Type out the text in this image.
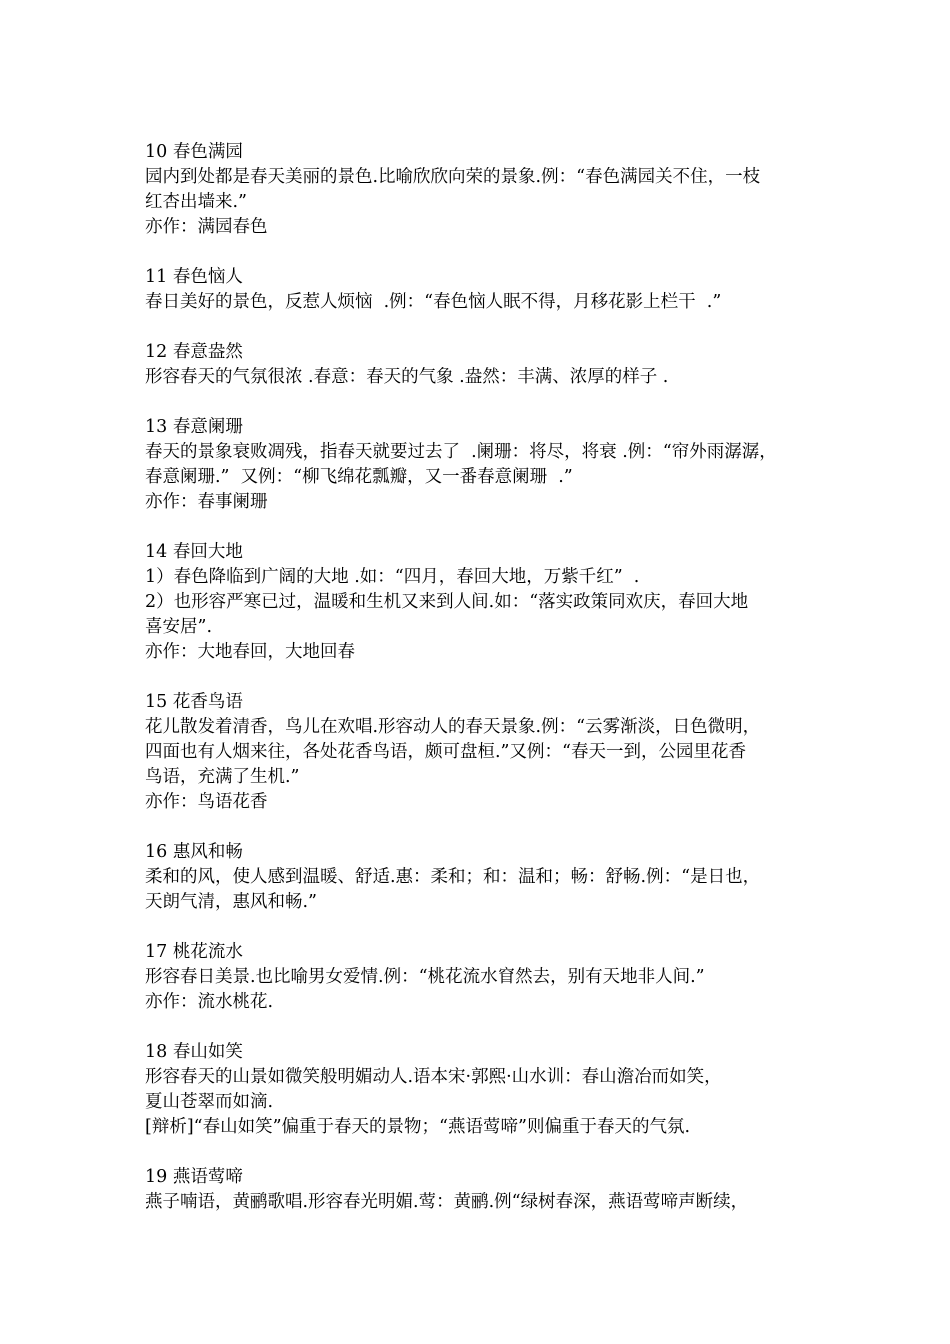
10 春色满园
园内到处都是春天美丽的景色.比喻欣欣向荣的景象.例：“春色满园关不住，一枝
红杏出墙来.”
亦作：满园春色
11 春色恼人
春日美好的景色，反惹人烦恼  .例：“春色恼人眠不得，月移花影上栏干  .”
12 春意盎然
形容春天的气氛很浓 .春意：春天的气象 .盎然：丰满、浓厚的样子 .
13 春意阑珊
春天的景象衰败凋残，指春天就要过去了  .阑珊：将尽，将衰 .例：“帘外雨潺潺，
春意阑珊.”  又例：“柳飞绵花瓢瓣，又一番春意阑珊  .”
亦作：春事阑珊
14 春回大地
1）春色降临到广阔的大地 .如：“四月，春回大地，万紫千红”  .
2）也形容严寒已过，温暖和生机又来到人间.如：“落实政策同欢庆，春回大地
喜安居”.
亦作：大地春回，大地回春
15 花香鸟语
花儿散发着清香，鸟儿在欢唱.形容动人的春天景象.例：“云雾渐淡，日色微明，
四面也有人烟来往，各处花香鸟语，颇可盘桓.”又例：“春天一到，公园里花香
鸟语，充满了生机.”
亦作：鸟语花香
16 惠风和畅
柔和的风，使人感到温暖、舒适.惠：柔和；和：温和；畅：舒畅.例：“是日也，
天朗气清，惠风和畅.”
17 桃花流水
形容春日美景.也比喻男女爱情.例：“桃花流水窅然去，别有天地非人间.”
亦作：流水桃花.
18 春山如笑
形容春天的山景如微笑般明媚动人.语本宋·郭熙·山水训：春山澹冶而如笑，
夏山苍翠而如滴.
[辩析]“春山如笑”偏重于春天的景物；“燕语莺啼”则偏重于春天的气氛.
19 燕语莺啼
燕子喃语，黄鹂歌唱.形容春光明媚.莺：黄鹂.例“绿树春深，燕语莺啼声断续，
